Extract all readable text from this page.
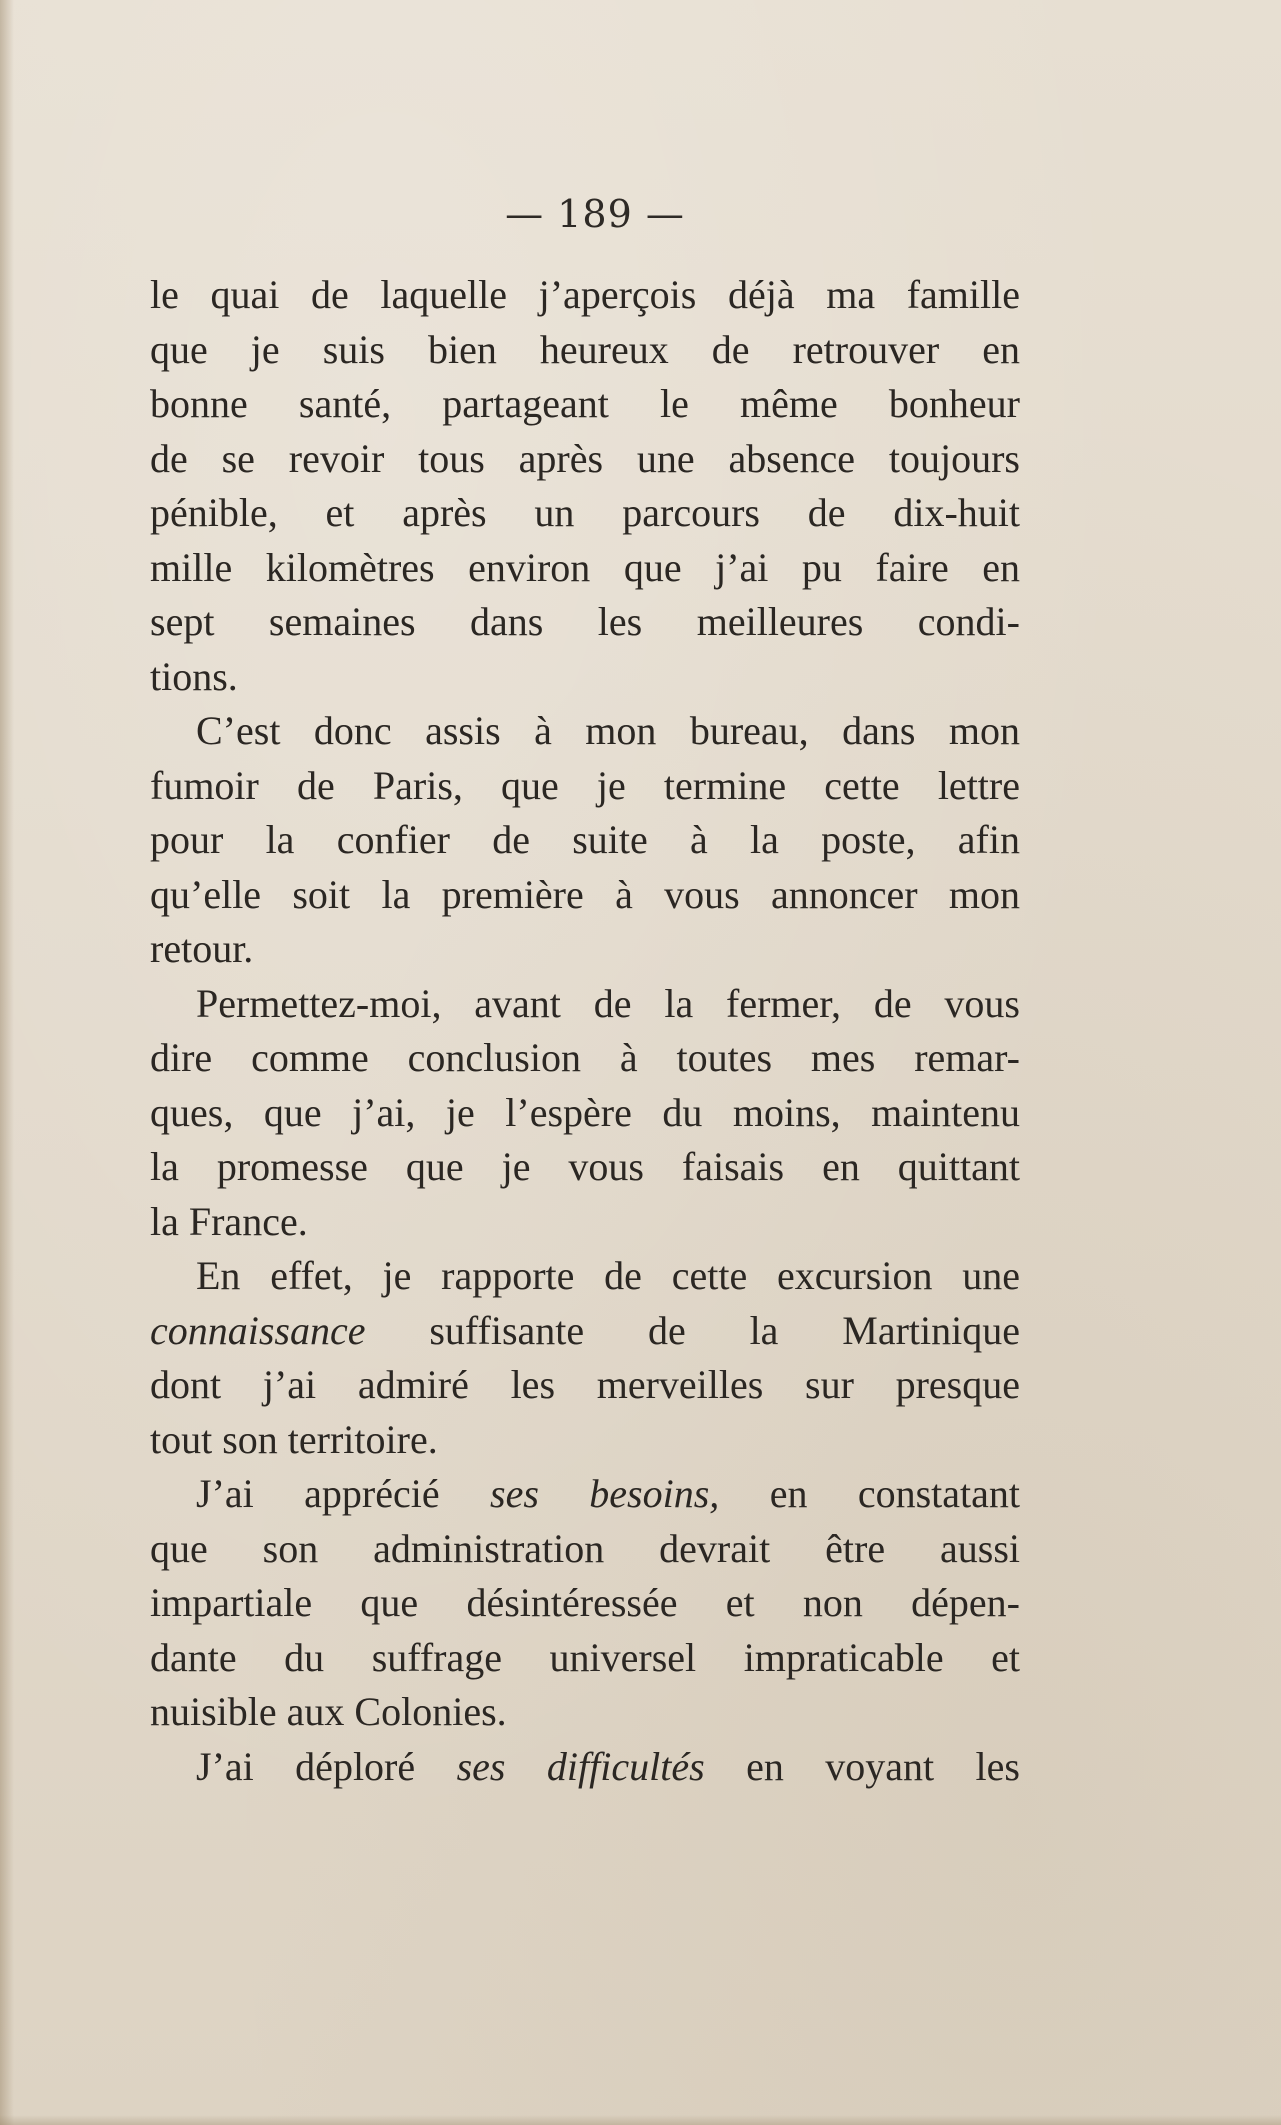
— 189 —
le quai de laquelle j’aperçois déjà ma famille
que je suis bien heureux de retrouver en
bonne santé, partageant le même bonheur
de se revoir tous après une absence toujours
pénible, et après un parcours de dix-huit
mille kilomètres environ que j’ai pu faire en
sept semaines dans les meilleures condi-
tions.
C’est donc assis à mon bureau, dans mon
fumoir de Paris, que je termine cette lettre
pour la confier de suite à la poste, afin
qu’elle soit la première à vous annoncer mon
retour.
Permettez-moi, avant de la fermer, de vous
dire comme conclusion à toutes mes remar-
ques, que j’ai, je l’espère du moins, maintenu
la promesse que je vous faisais en quittant
la France.
En effet, je rapporte de cette excursion une
connaissance suffisante de la Martinique
dont j’ai admiré les merveilles sur presque
tout son territoire.
J’ai apprécié ses besoins, en constatant
que son administration devrait être aussi
impartiale que désintéressée et non dépen-
dante du suffrage universel impraticable et
nuisible aux Colonies.
J’ai déploré ses difficultés en voyant les
